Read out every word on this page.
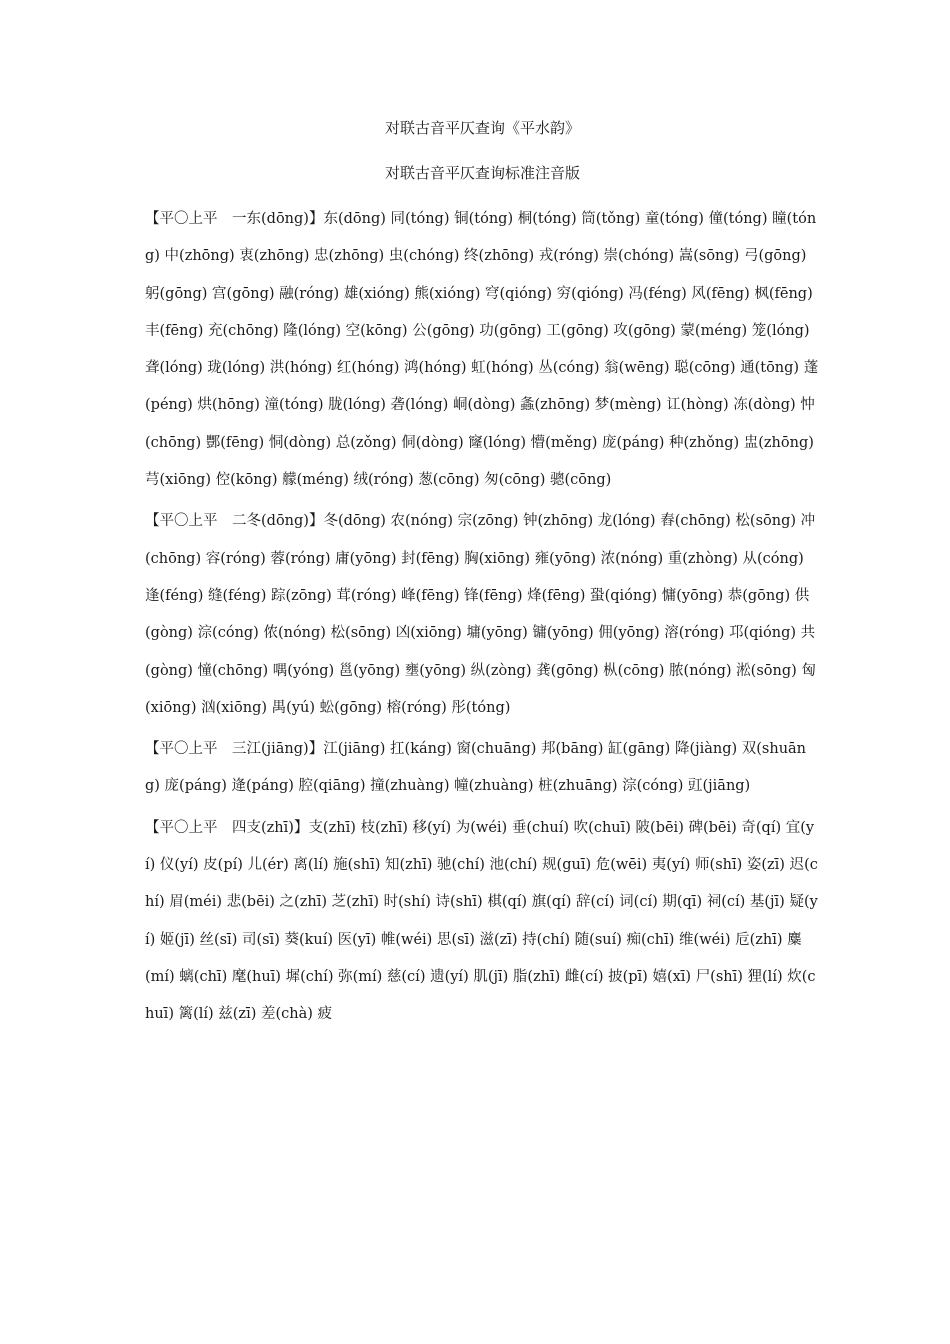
对联古音平仄查询《平水韵》
对联古音平仄查询标准注音版
【平〇上平　一东(dōng)】东(dōng) 同(tóng) 铜(tóng) 桐(tóng) 筒(tǒng) 童(tóng) 僮(tóng) 瞳(tóng) 中(zhōng) 衷(zhōng) 忠(zhōng) 虫(chóng) 终(zhōng) 戎(róng) 崇(chóng) 嵩(sōng) 弓(gōng) 躬(gōng) 宫(gōng) 融(róng) 雄(xióng) 熊(xióng) 穹(qióng) 穷(qióng) 冯(féng) 风(fēng) 枫(fēng) 丰(fēng) 充(chōng) 隆(lóng) 空(kōng) 公(gōng) 功(gōng) 工(gōng) 攻(gōng) 蒙(méng) 笼(lóng) 聋(lóng) 珑(lóng) 洪(hóng) 红(hóng) 鸿(hóng) 虹(hóng) 丛(cóng) 翁(wēng) 聪(cōng) 通(tōng) 蓬(péng) 烘(hōng) 潼(tóng) 胧(lóng) 砻(lóng) 峒(dòng) 螽(zhōng) 梦(mèng) 讧(hòng) 冻(dòng) 忡(chōng) 酆(fēng) 恫(dòng) 总(zǒng) 侗(dòng) 窿(lóng) 懵(měng) 庞(páng) 种(zhǒng) 盅(zhōng) 芎(xiōng) 倥(kōng) 艨(méng) 绒(róng) 葱(cōng) 匆(cōng) 骢(cōng)
【平〇上平　二冬(dōng)】冬(dōng) 农(nóng) 宗(zōng) 钟(zhōng) 龙(lóng) 舂(chōng) 松(sōng) 冲(chōng) 容(róng) 蓉(róng) 庸(yōng) 封(fēng) 胸(xiōng) 雍(yōng) 浓(nóng) 重(zhòng) 从(cóng) 逢(féng) 缝(féng) 踪(zōng) 茸(róng) 峰(fēng) 锋(fēng) 烽(fēng) 蛩(qióng) 慵(yōng) 恭(gōng) 供(gòng) 淙(cóng) 侬(nóng) 松(sōng) 凶(xiōng) 墉(yōng) 镛(yōng) 佣(yōng) 溶(róng) 邛(qióng) 共(gòng) 憧(chōng) 喁(yóng) 邕(yōng) 壅(yōng) 纵(zòng) 龚(gōng) 枞(cōng) 脓(nóng) 淞(sōng) 匈(xiōng) 汹(xiōng) 禺(yú) 蚣(gōng) 榕(róng) 彤(tóng)
【平〇上平　三江(jiāng)】江(jiāng) 扛(káng) 窗(chuāng) 邦(bāng) 缸(gāng) 降(jiàng) 双(shuāng) 庞(páng) 逄(páng) 腔(qiāng) 撞(zhuàng) 幢(zhuàng) 桩(zhuāng) 淙(cóng) 豇(jiāng)
【平〇上平　四支(zhī)】支(zhī) 枝(zhī) 移(yí) 为(wéi) 垂(chuí) 吹(chuī) 陂(bēi) 碑(bēi) 奇(qí) 宜(yí) 仪(yí) 皮(pí) 儿(ér) 离(lí) 施(shī) 知(zhī) 驰(chí) 池(chí) 规(guī) 危(wēi) 夷(yí) 师(shī) 姿(zī) 迟(chí) 眉(méi) 悲(bēi) 之(zhī) 芝(zhī) 时(shí) 诗(shī) 棋(qí) 旗(qí) 辞(cí) 词(cí) 期(qī) 祠(cí) 基(jī) 疑(yí) 姬(jī) 丝(sī) 司(sī) 葵(kuí) 医(yī) 帷(wéi) 思(sī) 滋(zī) 持(chí) 随(suí) 痴(chī) 维(wéi) 卮(zhī) 麋(mí) 螭(chī) 麾(huī) 墀(chí) 弥(mí) 慈(cí) 遗(yí) 肌(jī) 脂(zhī) 雌(cí) 披(pī) 嬉(xī) 尸(shī) 狸(lí) 炊(chuī) 篱(lí) 兹(zī) 差(chà) 疲
